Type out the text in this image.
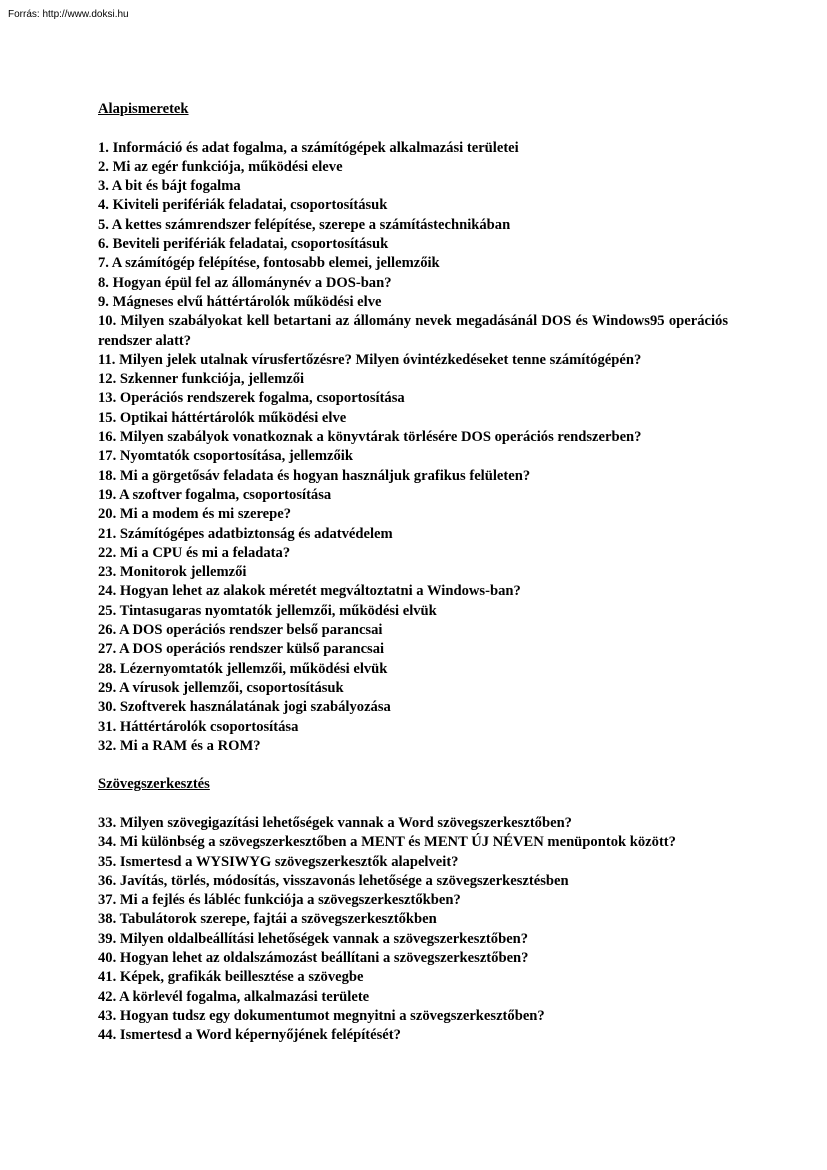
Forrás: http://www.doksi.hu
Alapismeretek
1. Információ és adat fogalma, a számítógépek alkalmazási területei
2. Mi az egér funkciója, működési eleve
3. A bit és bájt fogalma
4. Kiviteli perifériák feladatai, csoportosításuk
5. A kettes számrendszer felépítése, szerepe a számítástechnikában
6. Beviteli perifériák feladatai, csoportosításuk
7. A számítógép felépítése, fontosabb elemei, jellemzőik
8. Hogyan épül fel az állománynév a DOS-ban?
9. Mágneses elvű háttértárolók működési elve
10. Milyen szabályokat kell betartani az állomány nevek megadásánál DOS és Windows95 operációs rendszer alatt?
11. Milyen jelek utalnak vírusfertőzésre? Milyen óvintézkedéseket tenne számítógépén?
12. Szkenner funkciója, jellemzői
13. Operációs rendszerek fogalma, csoportosítása
15. Optikai háttértárolók működési elve
16. Milyen szabályok vonatkoznak a könyvtárak törlésére DOS operációs rendszerben?
17. Nyomtatók csoportosítása, jellemzőik
18. Mi a görgetősáv feladata és hogyan használjuk grafikus felületen?
19. A szoftver fogalma, csoportosítása
20. Mi a modem és mi szerepe?
21. Számítógépes adatbiztonság és adatvédelem
22. Mi a CPU és mi a feladata?
23. Monitorok jellemzői
24. Hogyan lehet az alakok méretét megváltoztatni a Windows-ban?
25. Tintasugaras nyomtatók jellemzői, működési elvük
26. A DOS operációs rendszer belső parancsai
27. A DOS operációs rendszer külső parancsai
28. Lézernyomtatók jellemzői, működési elvük
29. A vírusok jellemzői, csoportosításuk
30. Szoftverek használatának jogi szabályozása
31. Háttértárolók csoportosítása
32. Mi a RAM és a ROM?
Szövegszerkesztés
33. Milyen szövegigazítási lehetőségek vannak a Word szövegszerkesztőben?
34. Mi különbség a szövegszerkesztőben a MENT és MENT ÚJ NÉVEN menüpontok között?
35. Ismertesd a WYSIWYG szövegszerkesztők alapelveit?
36. Javítás, törlés, módosítás, visszavonás lehetősége a szövegszerkesztésben
37. Mi a fejlés és lábléc funkciója a szövegszerkesztőkben?
38. Tabulátorok szerepe, fajtái a szövegszerkesztőkben
39. Milyen oldalbeállítási lehetőségek vannak a szövegszerkesztőben?
40. Hogyan lehet az oldalszámozást beállítani a szövegszerkesztőben?
41. Képek, grafikák beillesztése a szövegbe
42. A körlevél fogalma, alkalmazási területe
43. Hogyan tudsz egy dokumentumot megnyitni a szövegszerkesztőben?
44. Ismertesd a Word képernyőjének felépítését?
